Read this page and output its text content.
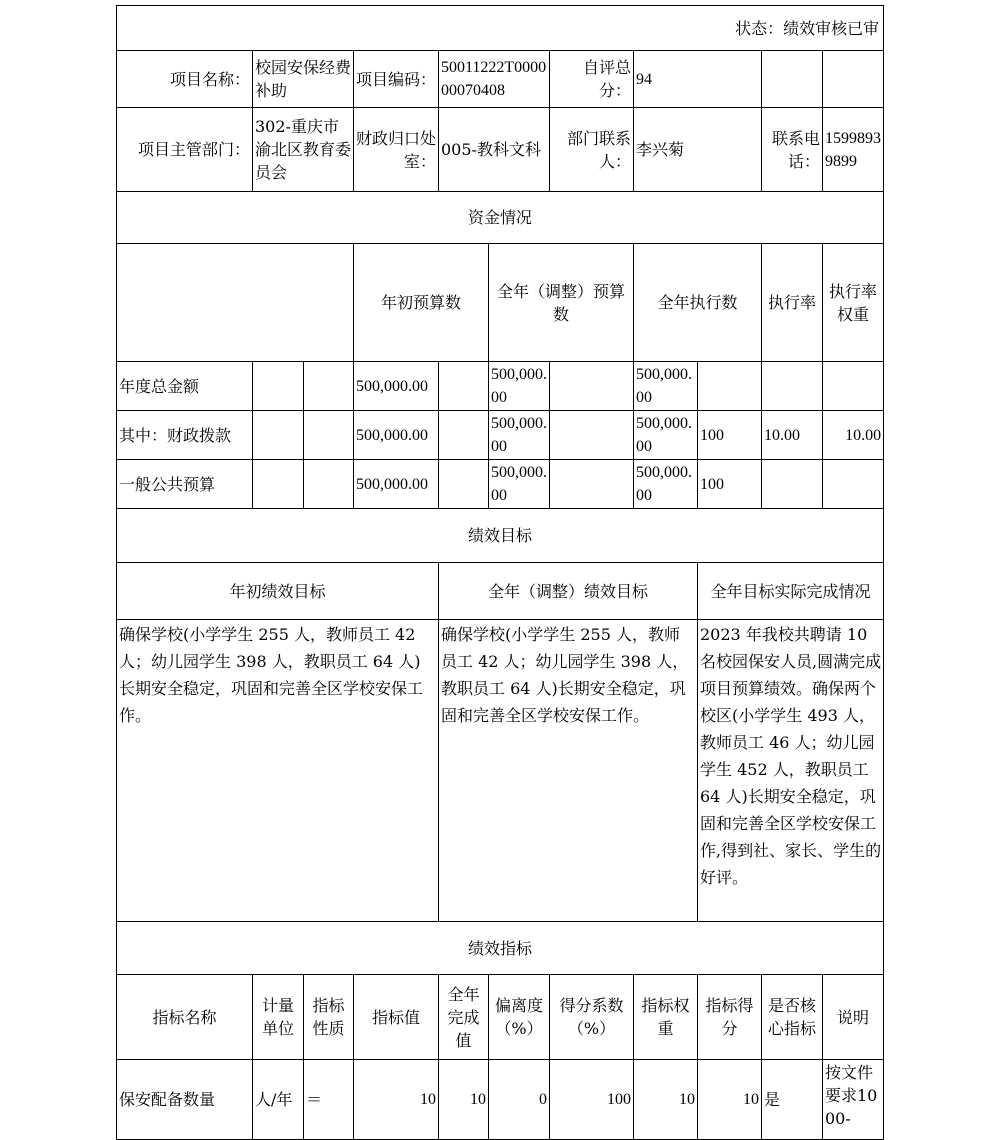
状态：绩效审核已审											
项目名称：	校园安保经费补助		项目编码：	50011222T000000070408		自评总分：	94				
项目主管部门：	302-重庆市渝北区教育委员会		财政归口处室：	005-教科文科		部门联系人：	李兴菊		联系电话：	15998939899	
资金情况											
			年初预算数		全年（调整）预算数		全年执行数		执行率	执行率权重	
年度总金额			500,000.00		500,000.00		500,000.00				
其中：财政拨款			500,000.00		500,000.00		500,000.00	100	10.00	10.00	
一般公共预算			500,000.00		500,000.00		500,000.00	100			
绩效目标											
年初绩效目标				全年（调整）绩效目标				全年目标实际完成情况			
确保学校(小学学生 255 人，教师员工 42 人；幼儿园学生 398 人，教职员工 64 人)长期安全稳定，巩固和完善全区学校安保工作。				确保学校(小学学生 255 人，教师员工 42 人；幼儿园学生 398 人，教职员工 64 人)长期安全稳定，巩固和完善全区学校安保工作。				2023 年我校共聘请 10 名校园保安人员,圆满完成项目预算绩效。确保两个校区(小学学生 493 人，教师员工 46 人；幼儿园学生 452 人，教职员工 64 人)长期安全稳定，巩固和完善全区学校安保工作,得到社、家长、学生的好评。			
绩效指标											
指标名称	计量单位	指标性质	指标值	全年完成值	偏离度（%）	得分系数（%）	指标权重	指标得分	是否核心指标	说明	
保安配备数量	人/年	＝	10	10	0	100	10	10	是	按文件要求1000-	
